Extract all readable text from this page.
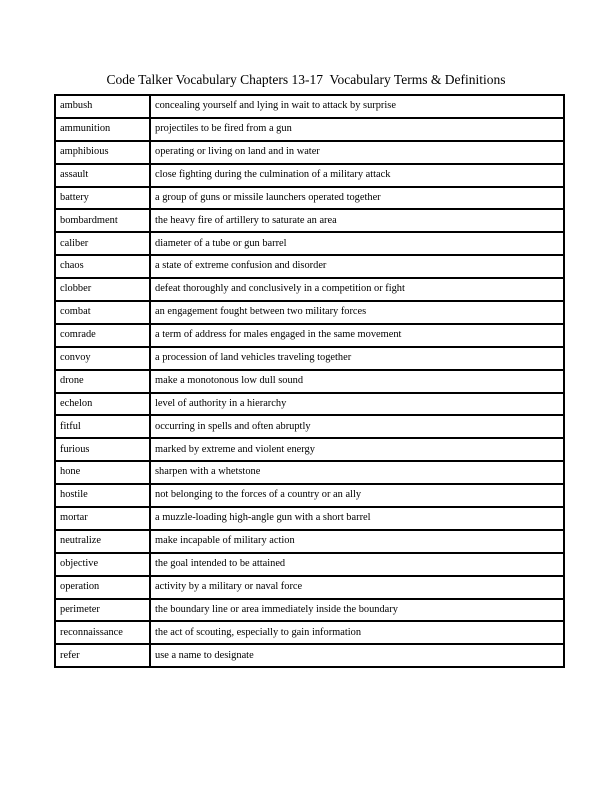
Code Talker Vocabulary Chapters 13-17  Vocabulary Terms & Definitions
ambush	concealing yourself and lying in wait to attack by surprise
ammunition	projectiles to be fired from a gun
amphibious	operating or living on land and in water
assault	close fighting during the culmination of a military attack
battery	a group of guns or missile launchers operated together
bombardment	the heavy fire of artillery to saturate an area
caliber	diameter of a tube or gun barrel
chaos	a state of extreme confusion and disorder
clobber	defeat thoroughly and conclusively in a competition or fight
combat	an engagement fought between two military forces
comrade	a term of address for males engaged in the same movement
convoy	a procession of land vehicles traveling together
drone	make a monotonous low dull sound
echelon	level of authority in a hierarchy
fitful	occurring in spells and often abruptly
furious	marked by extreme and violent energy
hone	sharpen with a whetstone
hostile	not belonging to the forces of a country or an ally
mortar	a muzzle-loading high-angle gun with a short barrel
neutralize	make incapable of military action
objective	the goal intended to be attained
operation	activity by a military or naval force
perimeter	the boundary line or area immediately inside the boundary
reconnaissance	the act of scouting, especially to gain information
refer	use a name to designate
